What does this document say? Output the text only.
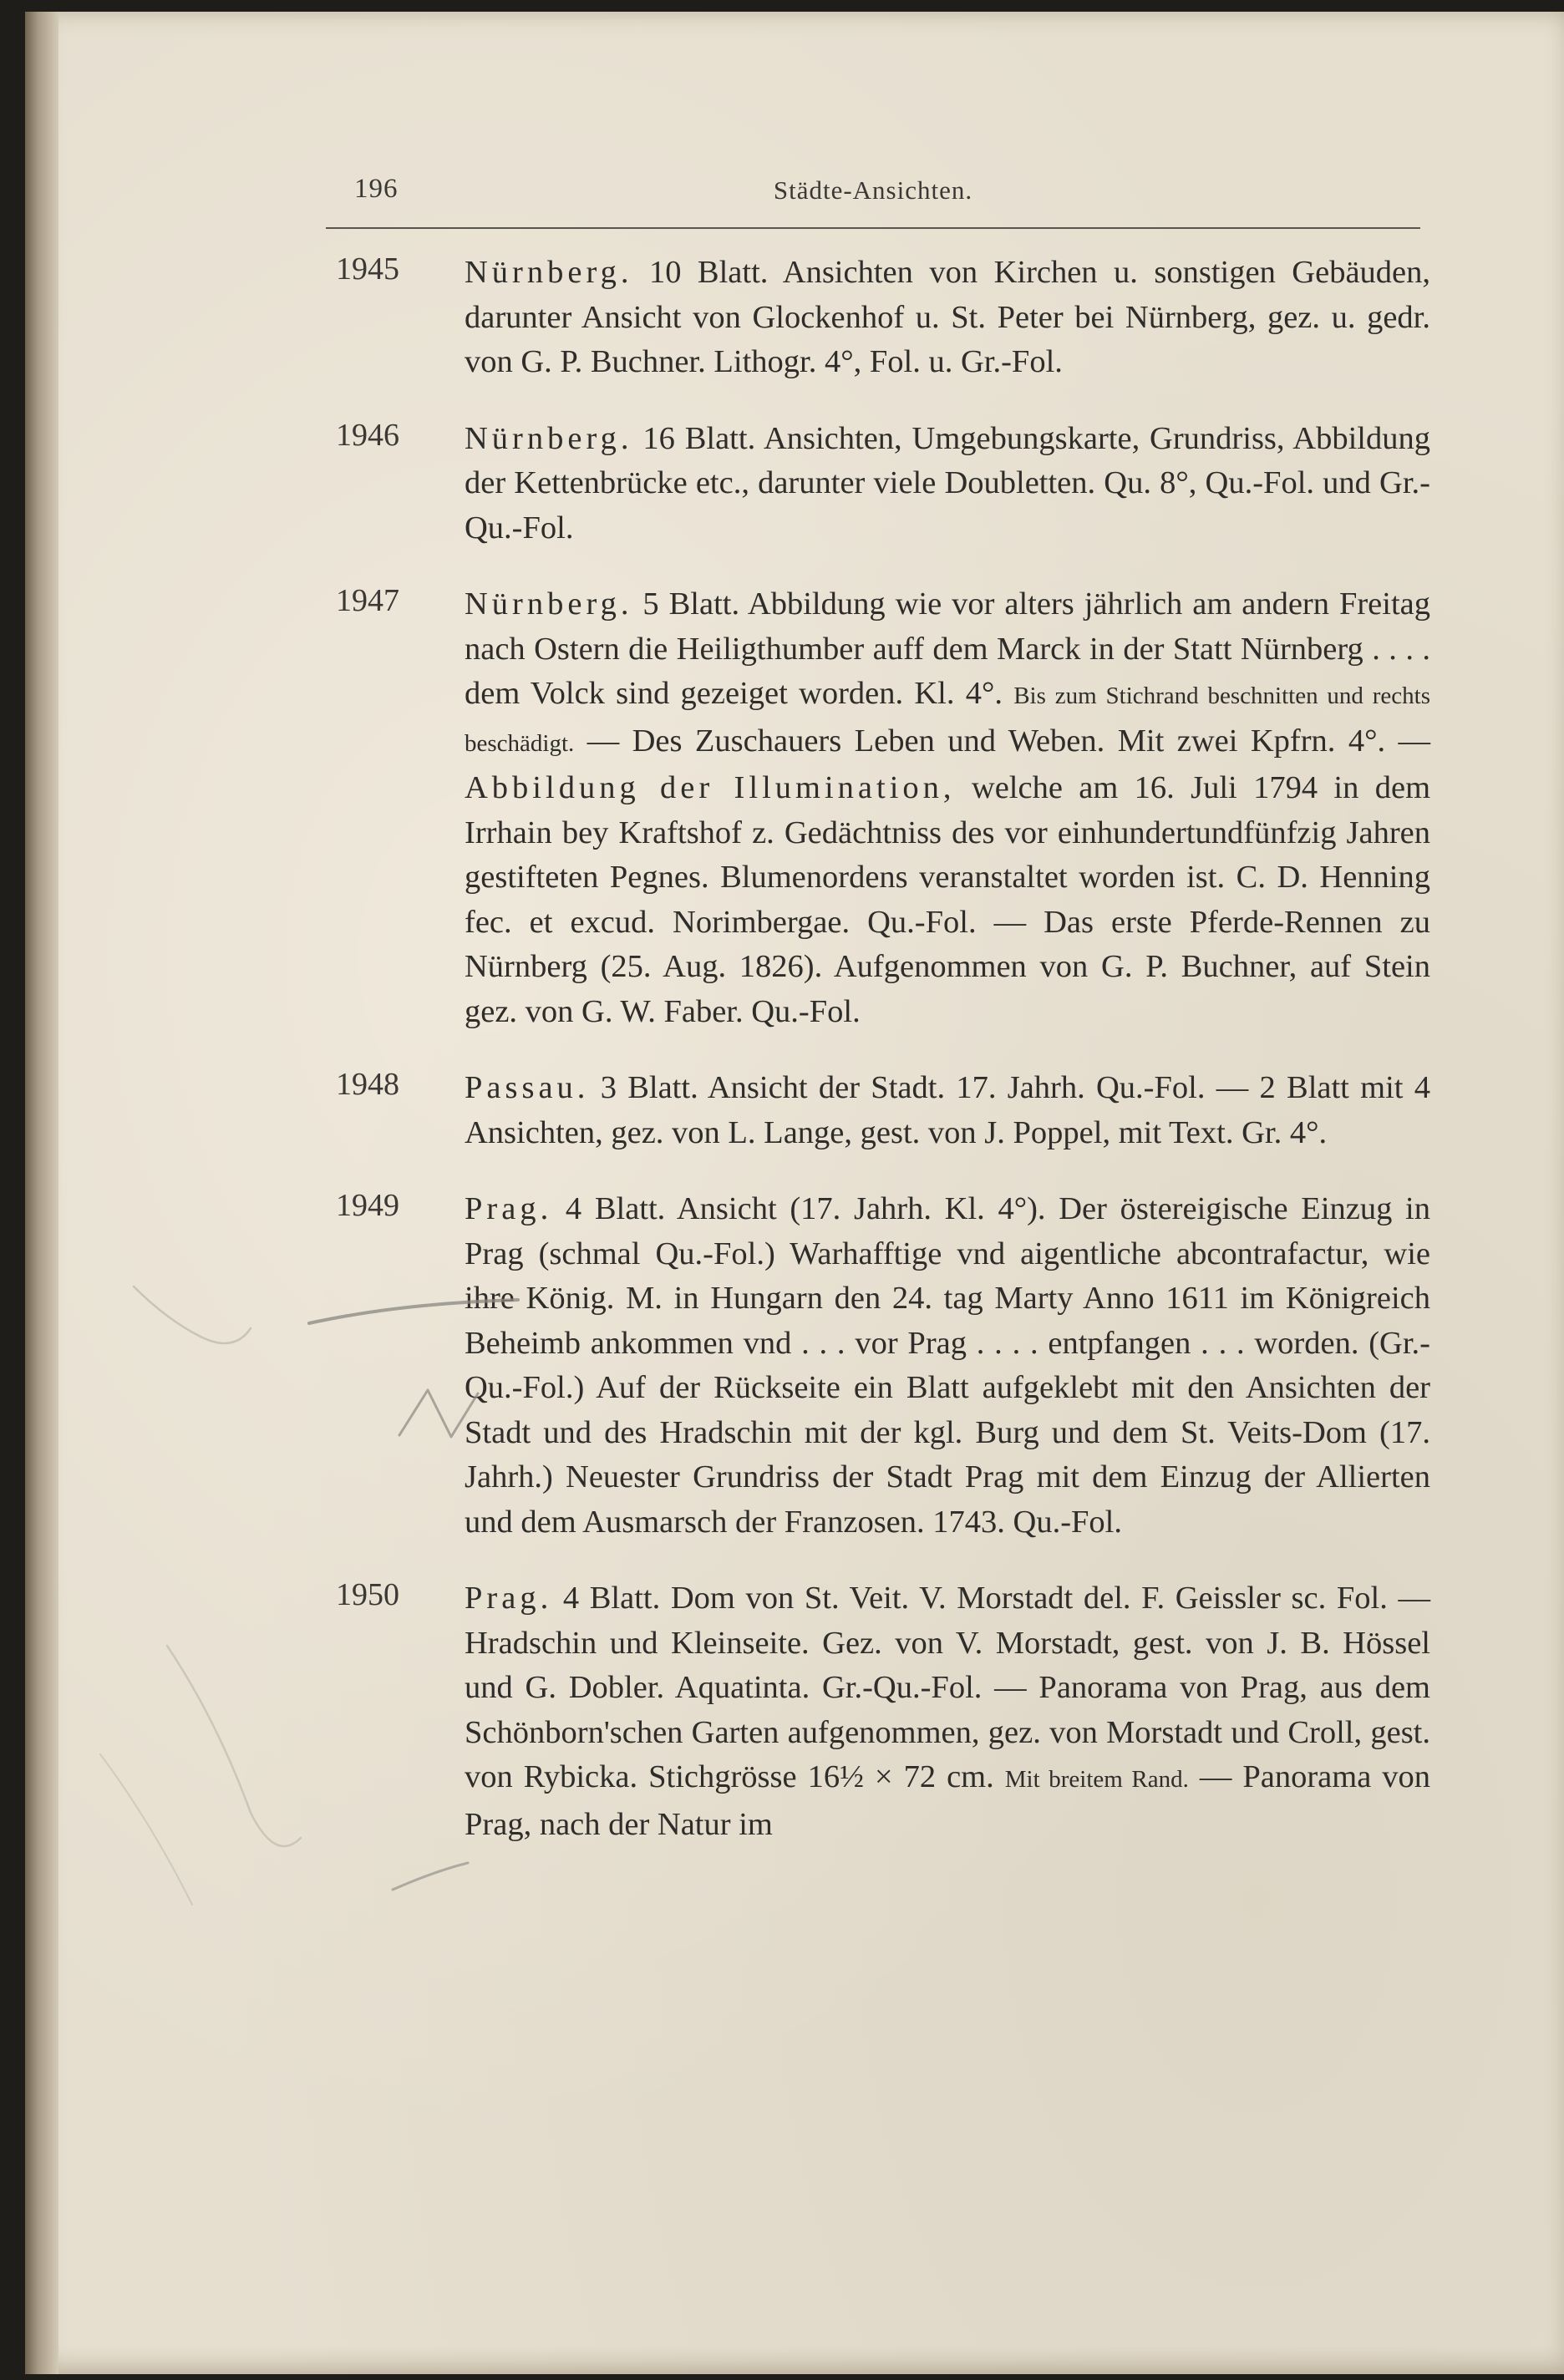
196	Städte-Ansichten.
1945 Nürnberg. 10 Blatt. Ansichten von Kirchen u. sonstigen Gebäuden, darunter Ansicht von Glockenhof u. St. Peter bei Nürnberg, gez. u. gedr. von G. P. Buchner. Lithogr. 4°, Fol. u. Gr.-Fol.
1946 Nürnberg. 16 Blatt. Ansichten, Umgebungskarte, Grundriss, Abbildung der Kettenbrücke etc., darunter viele Doubletten. Qu. 8°, Qu.-Fol. und Gr.-Qu.-Fol.
1947 Nürnberg. 5 Blatt. Abbildung wie vor alters jährlich am andern Freitag nach Ostern die Heiligthumber auff dem Marck in der Statt Nürnberg . . . . dem Volck sind gezeiget worden. Kl. 4°. Bis zum Stichrand beschnitten und rechts beschädigt. — Des Zuschauers Leben und Weben. Mit zwei Kpfrn. 4°. — Abbildung der Illumination, welche am 16. Juli 1794 in dem Irrhain bey Kraftshof z. Gedächtniss des vor einhundertundfünfzig Jahren gestifteten Pegnes. Blumenordens veranstaltet worden ist. C. D. Henning fec. et excud. Norimbergae. Qu.-Fol. — Das erste Pferde-Rennen zu Nürnberg (25. Aug. 1826). Aufgenommen von G. P. Buchner, auf Stein gez. von G. W. Faber. Qu.-Fol.
1948 Passau. 3 Blatt. Ansicht der Stadt. 17. Jahrh. Qu.-Fol. — 2 Blatt mit 4 Ansichten, gez. von L. Lange, gest. von J. Poppel, mit Text. Gr. 4°.
1949 Prag. 4 Blatt. Ansicht (17. Jahrh. Kl. 4°). Der östereigische Einzug in Prag (schmal Qu.-Fol.) Warhafftige vnd aigentliche abcontrafactur, wie ihre König. M. in Hungarn den 24. tag Marty Anno 1611 im Königreich Beheimb ankommen vnd . . . vor Prag . . . . entpfangen . . . worden. (Gr.-Qu.-Fol.) Auf der Rückseite ein Blatt aufgeklebt mit den Ansichten der Stadt und des Hradschin mit der kgl. Burg und dem St. Veits-Dom (17. Jahrh.) Neuester Grundriss der Stadt Prag mit dem Einzug der Allierten und dem Ausmarsch der Franzosen. 1743. Qu.-Fol.
1950 Prag. 4 Blatt. Dom von St. Veit. V. Morstadt del. F. Geissler sc. Fol. — Hradschin und Kleinseite. Gez. von V. Morstadt, gest. von J. B. Hössel und G. Dobler. Aquatinta. Gr.-Qu.-Fol. — Panorama von Prag, aus dem Schönborn'schen Garten aufgenommen, gez. von Morstadt und Croll, gest. von Rybicka. Stichgrösse 16½ × 72 cm. Mit breitem Rand. — Panorama von Prag, nach der Natur im
